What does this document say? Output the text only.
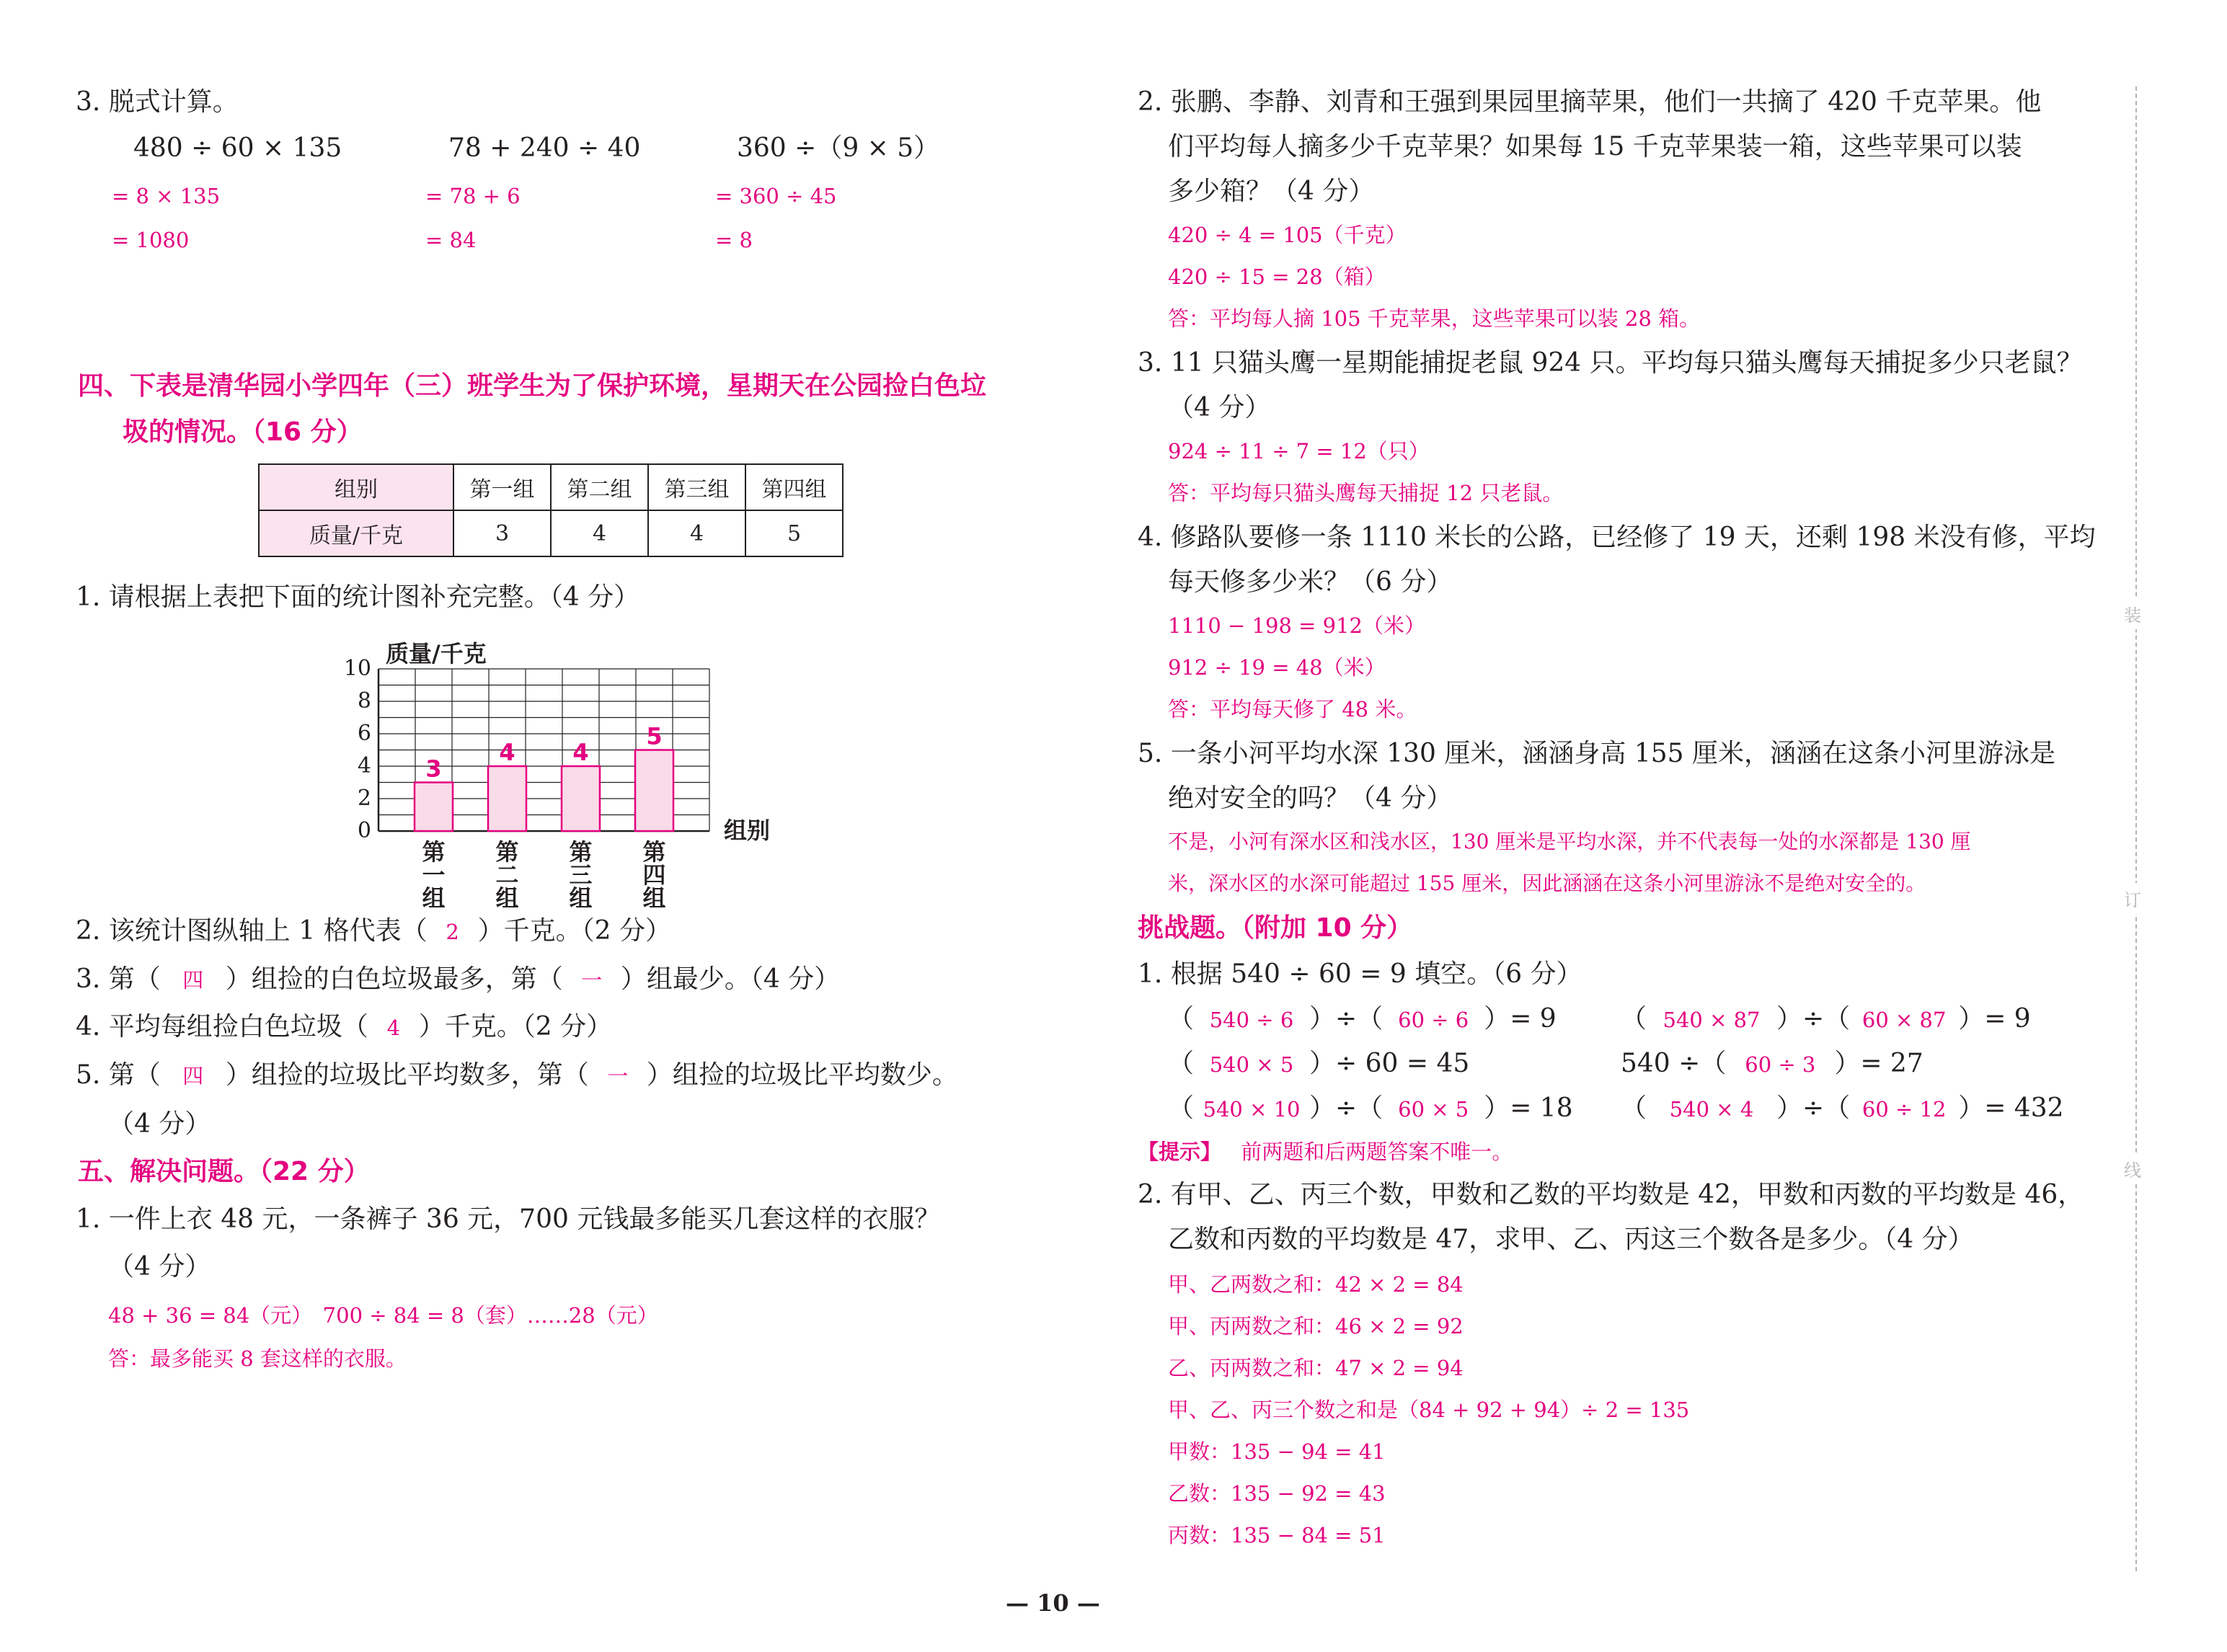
3. 脱式计算。
480 ÷ 60 × 135	78 + 240 ÷ 40	360 ÷（9 × 5）
= 8 × 135	= 78 + 6	= 360 ÷ 45
= 1080	= 84	= 8
四、下表是清华园小学四年（三）班学生为了保护环境，星期天在公园捡白色垃
圾的情况。（16 分）
组别	第一组	第二组	第三组	第四组
质量/千克	3	4	4	5
1. 请根据上表把下面的统计图补充完整。（4 分）
0
2
4
6
8
10
质量/千克
组别
3
第一组
4
第二组
4
第三组
5
第四组
2. 该统计图纵轴上 1 格代表（ 2 ）千克。（2 分）
3. 第（ 四 ）组捡的白色垃圾最多，第（ 一 ）组最少。（4 分）
4. 平均每组捡白色垃圾（ 4 ）千克。（2 分）
5. 第（ 四 ）组捡的垃圾比平均数多，第（ 一 ）组捡的垃圾比平均数少。
（4 分）
五、解决问题。（22 分）
1. 一件上衣 48 元，一条裤子 36 元，700 元钱最多能买几套这样的衣服？
（4 分）
48 + 36 = 84（元）　700 ÷ 84 = 8（套）……28（元）
答：最多能买 8 套这样的衣服。
2. 张鹏、李静、刘青和王强到果园里摘苹果，他们一共摘了 420 千克苹果。他
们平均每人摘多少千克苹果？如果每 15 千克苹果装一箱，这些苹果可以装
多少箱？（4 分）
420 ÷ 4 = 105（千克）
420 ÷ 15 = 28（箱）
答：平均每人摘 105 千克苹果，这些苹果可以装 28 箱。
3. 11 只猫头鹰一星期能捕捉老鼠 924 只。平均每只猫头鹰每天捕捉多少只老鼠？
（4 分）
924 ÷ 11 ÷ 7 = 12（只）
答：平均每只猫头鹰每天捕捉 12 只老鼠。
4. 修路队要修一条 1110 米长的公路，已经修了 19 天，还剩 198 米没有修，平均
每天修多少米？（6 分）
1110 − 198 = 912（米）
912 ÷ 19 = 48（米）
答：平均每天修了 48 米。
5. 一条小河平均水深 130 厘米，涵涵身高 155 厘米，涵涵在这条小河里游泳是
绝对安全的吗？（4 分）
不是，小河有深水区和浅水区，130 厘米是平均水深，并不代表每一处的水深都是 130 厘
米，深水区的水深可能超过 155 厘米，因此涵涵在这条小河里游泳不是绝对安全的。
挑战题。（附加 10 分）
1. 根据 540 ÷ 60 = 9 填空。（6 分）
（ 540 ÷ 6 ）÷（ 60 ÷ 6 ）= 9 （ 540 × 87 ）÷（ 60 × 87 ）= 9
（ 540 × 5 ）÷ 60 = 45	540 ÷（ 60 ÷ 3 ）= 27
（ 540 × 10 ）÷（ 60 × 5 ）= 18 （ 540 × 4 ）÷（ 60 ÷ 12 ）= 432
【提示】 前两题和后两题答案不唯一。
2. 有甲、乙、丙三个数，甲数和乙数的平均数是 42，甲数和丙数的平均数是 46，
乙数和丙数的平均数是 47，求甲、乙、丙这三个数各是多少。（4 分）
甲、乙两数之和：42 × 2 = 84
甲、丙两数之和：46 × 2 = 92
乙、丙两数之和：47 × 2 = 94
甲、乙、丙三个数之和是（84 + 92 + 94）÷ 2 = 135
甲数：135 − 94 = 41
乙数：135 − 92 = 43
丙数：135 − 84 = 51
装
订
线
— 10 —
